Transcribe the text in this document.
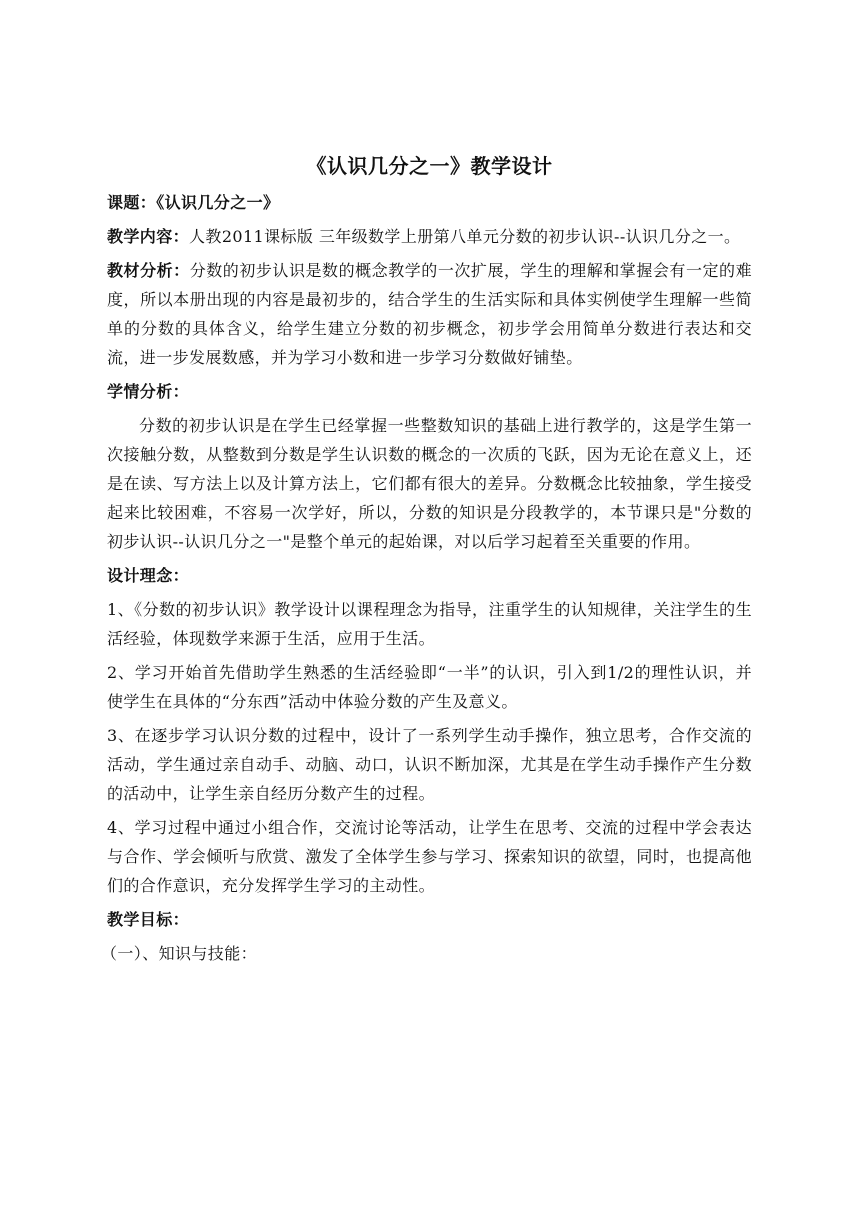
《认识几分之一》教学设计

课题：《认识几分之一》

教学内容：人教2011课标版 三年级数学上册第八单元分数的初步认识--认识几分之一。

教材分析：分数的初步认识是数的概念教学的一次扩展，学生的理解和掌握会有一定的难度，所以本册出现的内容是最初步的，结合学生的生活实际和具体实例使学生理解一些简单的分数的具体含义，给学生建立分数的初步概念，初步学会用简单分数进行表达和交流，进一步发展数感，并为学习小数和进一步学习分数做好铺垫。

学情分析：

分数的初步认识是在学生已经掌握一些整数知识的基础上进行教学的，这是学生第一次接触分数，从整数到分数是学生认识数的概念的一次质的飞跃，因为无论在意义上，还是在读、写方法上以及计算方法上，它们都有很大的差异。分数概念比较抽象，学生接受起来比较困难，不容易一次学好，所以，分数的知识是分段教学的，本节课只是"分数的初步认识--认识几分之一"是整个单元的起始课，对以后学习起着至关重要的作用。

设计理念：

1、《分数的初步认识》教学设计以课程理念为指导，注重学生的认知规律，关注学生的生活经验，体现数学来源于生活，应用于生活。

2、学习开始首先借助学生熟悉的生活经验即“一半”的认识，引入到1/2的理性认识，并使学生在具体的“分东西”活动中体验分数的产生及意义。

3、在逐步学习认识分数的过程中，设计了一系列学生动手操作，独立思考，合作交流的活动，学生通过亲自动手、动脑、动口，认识不断加深，尤其是在学生动手操作产生分数的活动中，让学生亲自经历分数产生的过程。

4、学习过程中通过小组合作，交流讨论等活动，让学生在思考、交流的过程中学会表达与合作、学会倾听与欣赏、激发了全体学生参与学习、探索知识的欲望，同时，也提高他们的合作意识，充分发挥学生学习的主动性。

教学目标：

（一）、知识与技能：
